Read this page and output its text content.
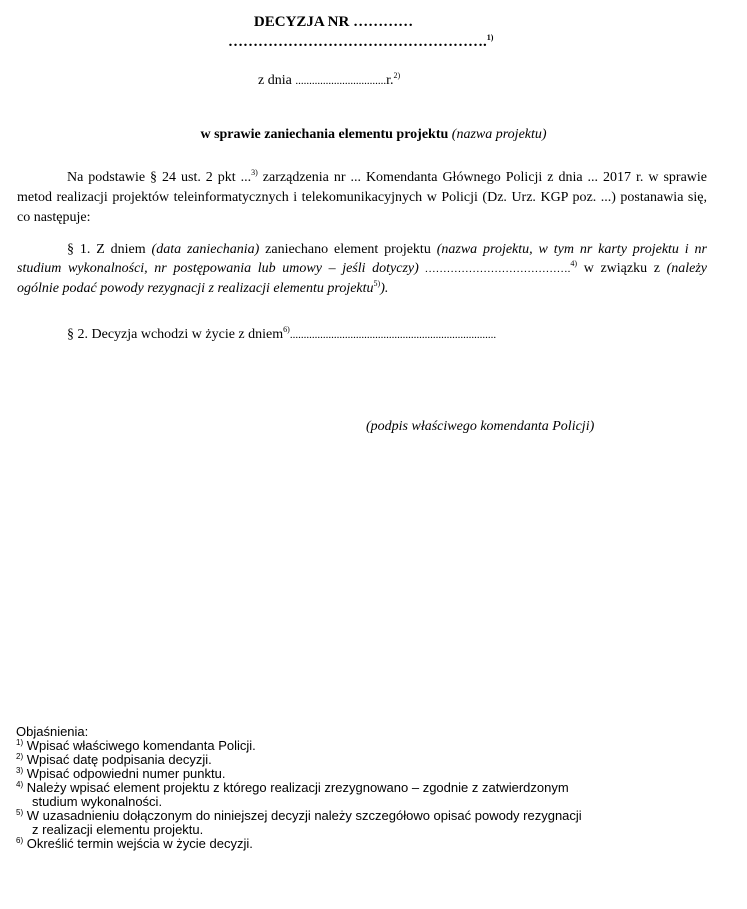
DECYZJA NR …………
…………………………………………….$^{1)}$
z dnia .................................r.$^{2)}$
w sprawie zaniechania elementu projektu (nazwa projektu)

Na podstawie § 24 ust. 2 pkt ...$^{3)}$ zarządzenia nr ... Komendanta Głównego Policji z dnia ... 2017 r. w sprawie metod realizacji projektów teleinformatycznych i telekomunikacyjnych w Policji (Dz. Urz. KGP poz. ...) postanawia się, co następuje:

§ 1. Z dniem (data zaniechania) zaniechano element projektu (nazwa projektu, w tym nr karty projektu i nr studium wykonalności, nr postępowania lub umowy – jeśli dotyczy) ………………………………….$^{4)}$ w związku z (należy ogólnie podać powody rezygnacji z realizacji elementu projektu$^{5)}$).

§ 2. Decyzja wchodzi w życie z dniem$^{6)}$...........................................................................

(podpis właściwego komendanta Policji)

Objaśnienia:

$^{1)}$ Wpisać właściwego komendanta Policji.

$^{2)}$ Wpisać datę podpisania decyzji.

$^{3)}$ Wpisać odpowiedni numer punktu.

$^{4)}$ Należy wpisać element projektu z którego realizacji zrezygnowano – zgodnie z zatwierdzonym
studium wykonalności.

$^{5)}$ W uzasadnieniu dołączonym do niniejszej decyzji należy szczegółowo opisać powody rezygnacji
z realizacji elementu projektu.

$^{6)}$ Określić termin wejścia w życie decyzji.
